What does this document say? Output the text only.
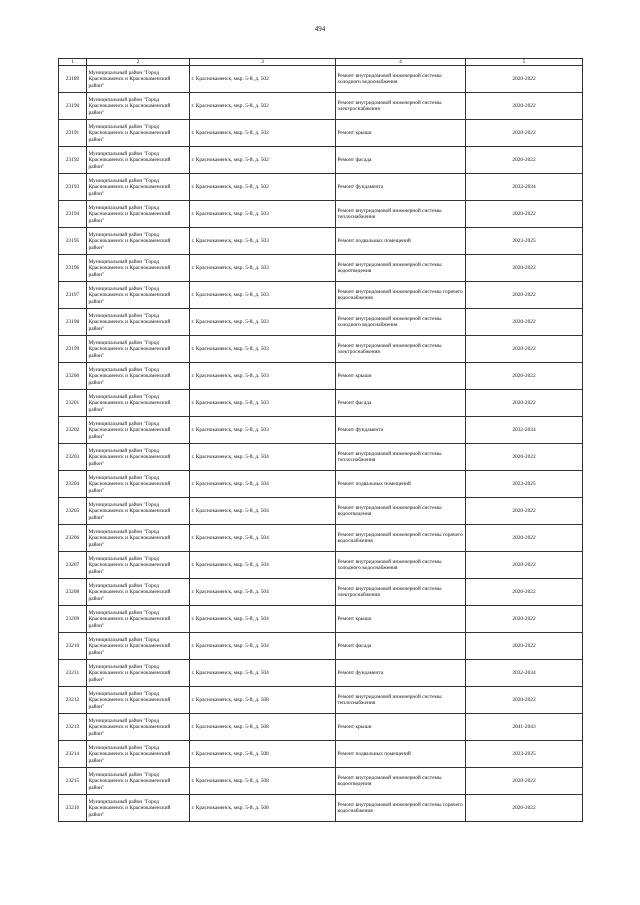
494
1	2	3	4	5
23189	Муниципальный район "Город Краснокаменск и Краснокаменский район"	г. Краснокаменск, мкр. 5-й, д. 502	Ремонт внутридомовой инженерной системы холодного водоснабжения	2020-2022
23190	Муниципальный район "Город Краснокаменск и Краснокаменский район"	г. Краснокаменск, мкр. 5-й, д. 502	Ремонт внутридомовой инженерной системы электроснабжения	2020-2022
23191	Муниципальный район "Город Краснокаменск и Краснокаменский район"	г. Краснокаменск, мкр. 5-й, д. 502	Ремонт крыши	2020-2022
23192	Муниципальный район "Город Краснокаменск и Краснокаменский район"	г. Краснокаменск, мкр. 5-й, д. 502	Ремонт фасада	2020-2022
23193	Муниципальный район "Город Краснокаменск и Краснокаменский район"	г. Краснокаменск, мкр. 5-й, д. 502	Ремонт фундамента	2032-2034
23194	Муниципальный район "Город Краснокаменск и Краснокаменский район"	г. Краснокаменск, мкр. 5-й, д. 503	Ремонт внутридомовой инженерной системы теплоснабжения	2020-2022
23195	Муниципальный район "Город Краснокаменск и Краснокаменский район"	г. Краснокаменск, мкр. 5-й, д. 503	Ремонт подвальных помещений	2023-2025
23196	Муниципальный район "Город Краснокаменск и Краснокаменский район"	г. Краснокаменск, мкр. 5-й, д. 503	Ремонт внутридомовой инженерной системы водоотведения	2020-2022
23197	Муниципальный район "Город Краснокаменск и Краснокаменский район"	г. Краснокаменск, мкр. 5-й, д. 503	Ремонт внутридомовой инженерной системы горячего водоснабжения	2020-2022
23198	Муниципальный район "Город Краснокаменск и Краснокаменский район"	г. Краснокаменск, мкр. 5-й, д. 503	Ремонт внутридомовой инженерной системы холодного водоснабжения	2020-2022
23199	Муниципальный район "Город Краснокаменск и Краснокаменский район"	г. Краснокаменск, мкр. 5-й, д. 503	Ремонт внутридомовой инженерной системы электроснабжения	2020-2022
23200	Муниципальный район "Город Краснокаменск и Краснокаменский район"	г. Краснокаменск, мкр. 5-й, д. 503	Ремонт крыши	2020-2022
23201	Муниципальный район "Город Краснокаменск и Краснокаменский район"	г. Краснокаменск, мкр. 5-й, д. 503	Ремонт фасада	2020-2022
23202	Муниципальный район "Город Краснокаменск и Краснокаменский район"	г. Краснокаменск, мкр. 5-й, д. 503	Ремонт фундамента	2032-2034
23203	Муниципальный район "Город Краснокаменск и Краснокаменский район"	г. Краснокаменск, мкр. 5-й, д. 504	Ремонт внутридомовой инженерной системы теплоснабжения	2020-2022
23204	Муниципальный район "Город Краснокаменск и Краснокаменский район"	г. Краснокаменск, мкр. 5-й, д. 504	Ремонт подвальных помещений	2023-2025
23205	Муниципальный район "Город Краснокаменск и Краснокаменский район"	г. Краснокаменск, мкр. 5-й, д. 504	Ремонт внутридомовой инженерной системы водоотведения	2020-2022
23206	Муниципальный район "Город Краснокаменск и Краснокаменский район"	г. Краснокаменск, мкр. 5-й, д. 504	Ремонт внутридомовой инженерной системы горячего водоснабжения	2020-2022
23207	Муниципальный район "Город Краснокаменск и Краснокаменский район"	г. Краснокаменск, мкр. 5-й, д. 504	Ремонт внутридомовой инженерной системы холодного водоснабжения	2020-2022
23208	Муниципальный район "Город Краснокаменск и Краснокаменский район"	г. Краснокаменск, мкр. 5-й, д. 504	Ремонт внутридомовой инженерной системы электроснабжения	2020-2022
23209	Муниципальный район "Город Краснокаменск и Краснокаменский район"	г. Краснокаменск, мкр. 5-й, д. 504	Ремонт крыши	2020-2022
23210	Муниципальный район "Город Краснокаменск и Краснокаменский район"	г. Краснокаменск, мкр. 5-й, д. 504	Ремонт фасада	2020-2022
23211	Муниципальный район "Город Краснокаменск и Краснокаменский район"	г. Краснокаменск, мкр. 5-й, д. 504	Ремонт фундамента	2032-2034
23212	Муниципальный район "Город Краснокаменск и Краснокаменский район"	г. Краснокаменск, мкр. 5-й, д. 508	Ремонт внутридомовой инженерной системы теплоснабжения	2020-2022
23213	Муниципальный район "Город Краснокаменск и Краснокаменский район"	г. Краснокаменск, мкр. 5-й, д. 508	Ремонт крыши	2041-2043
23214	Муниципальный район "Город Краснокаменск и Краснокаменский район"	г. Краснокаменск, мкр. 5-й, д. 508	Ремонт подвальных помещений	2023-2025
23215	Муниципальный район "Город Краснокаменск и Краснокаменский район"	г. Краснокаменск, мкр. 5-й, д. 508	Ремонт внутридомовой инженерной системы водоотведения	2020-2022
23216	Муниципальный район "Город Краснокаменск и Краснокаменский район"	г. Краснокаменск, мкр. 5-й, д. 508	Ремонт внутридомовой инженерной системы горячего водоснабжения	2020-2022
